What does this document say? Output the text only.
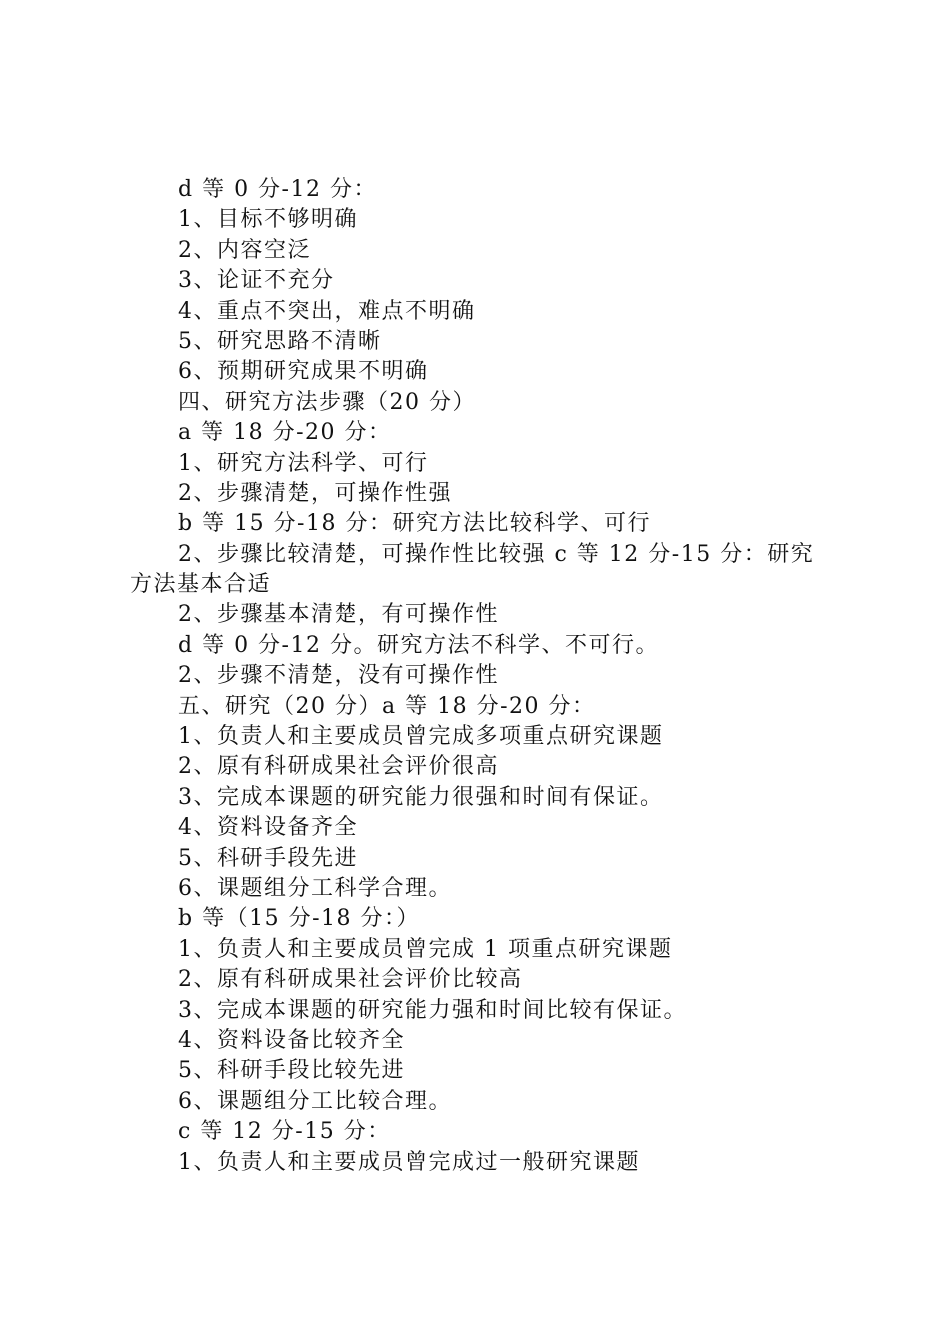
d 等 0 分-12 分：
1、目标不够明确
2、内容空泛
3、论证不充分
4、重点不突出，难点不明确
5、研究思路不清晰
6、预期研究成果不明确
四、研究方法步骤（20 分）
a 等 18 分-20 分：
1、研究方法科学、可行
2、步骤清楚，可操作性强
b 等 15 分-18 分：研究方法比较科学、可行
2、步骤比较清楚，可操作性比较强 c 等 12 分-15 分：研究
方法基本合适
2、步骤基本清楚，有可操作性
d 等 0 分-12 分。研究方法不科学、不可行。
2、步骤不清楚，没有可操作性
五、研究（20 分）a 等 18 分-20 分：
1、负责人和主要成员曾完成多项重点研究课题
2、原有科研成果社会评价很高
3、完成本课题的研究能力很强和时间有保证。
4、资料设备齐全
5、科研手段先进
6、课题组分工科学合理。
b 等（15 分-18 分：）
1、负责人和主要成员曾完成 1 项重点研究课题
2、原有科研成果社会评价比较高
3、完成本课题的研究能力强和时间比较有保证。
4、资料设备比较齐全
5、科研手段比较先进
6、课题组分工比较合理。
c 等 12 分-15 分：
1、负责人和主要成员曾完成过一般研究课题
